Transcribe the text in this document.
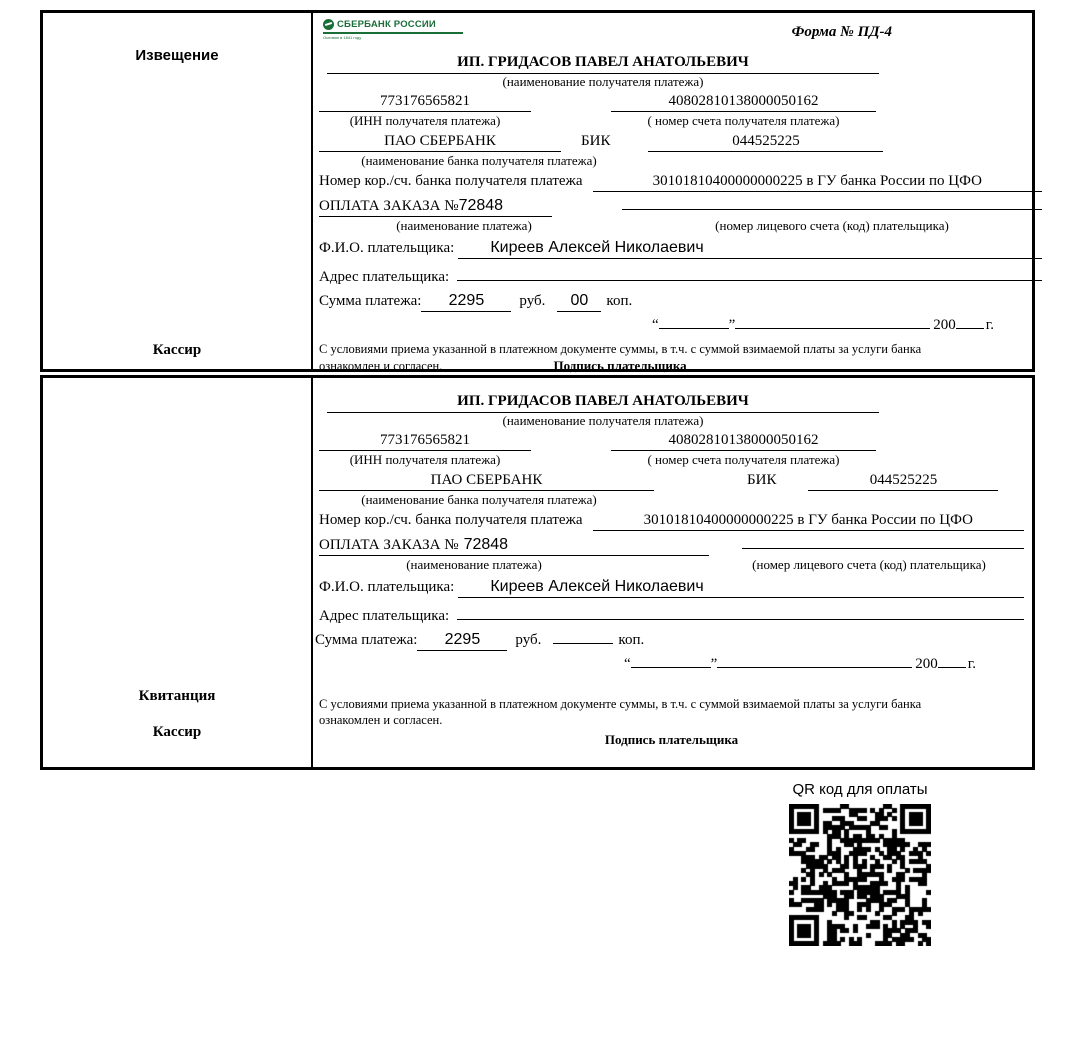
Извещение
Кассир
СБЕРБАНК РОССИИ
Основан в 1841 году	Форма № ПД-4
ИП. ГРИДАСОВ ПАВЕЛ АНАТОЛЬЕВИЧ
(наименование получателя платежа)
773176565821	40802810138000050162
(ИНН получателя платежа)	( номер счета получателя платежа)
ПАО СБЕРБАНК	БИК	044525225
(наименование банка получателя платежа)
Номер кор./сч. банка получателя платежа	30101810400000000225 в ГУ банка России по ЦФО
ОПЛАТА ЗАКАЗА №72848
(наименование платежа)	(номер лицевого счета (код) плательщика)
Ф.И.О. плательщика:	Киреев Алексей Николаевич
Адрес плательщика:
Сумма платежа:	2295	руб.	00	коп.
“	”	200 г.
С условиями приема указанной в платежном документе суммы, в т.ч. с суммой взимаемой платы за услуги банка
ознакомлен и согласен.	Подпись плательщика
Квитанция
Кассир
ИП. ГРИДАСОВ ПАВЕЛ АНАТОЛЬЕВИЧ
(наименование получателя платежа)
773176565821	40802810138000050162
(ИНН получателя платежа)	( номер счета получателя платежа)
ПАО СБЕРБАНК	БИК	044525225
(наименование банка получателя платежа)
Номер кор./сч. банка получателя платежа	30101810400000000225 в ГУ банка России по ЦФО
ОПЛАТА ЗАКАЗА № 72848
(наименование платежа)	(номер лицевого счета (код) плательщика)
Ф.И.О. плательщика:	Киреев Алексей Николаевич
Адрес плательщика:
Сумма платежа:	2295	руб.	коп.
“	”	200 г.
С условиями приема указанной в платежном документе суммы, в т.ч. с суммой взимаемой платы за услуги банка
ознакомлен и согласен.
Подпись плательщика
QR код для оплаты
